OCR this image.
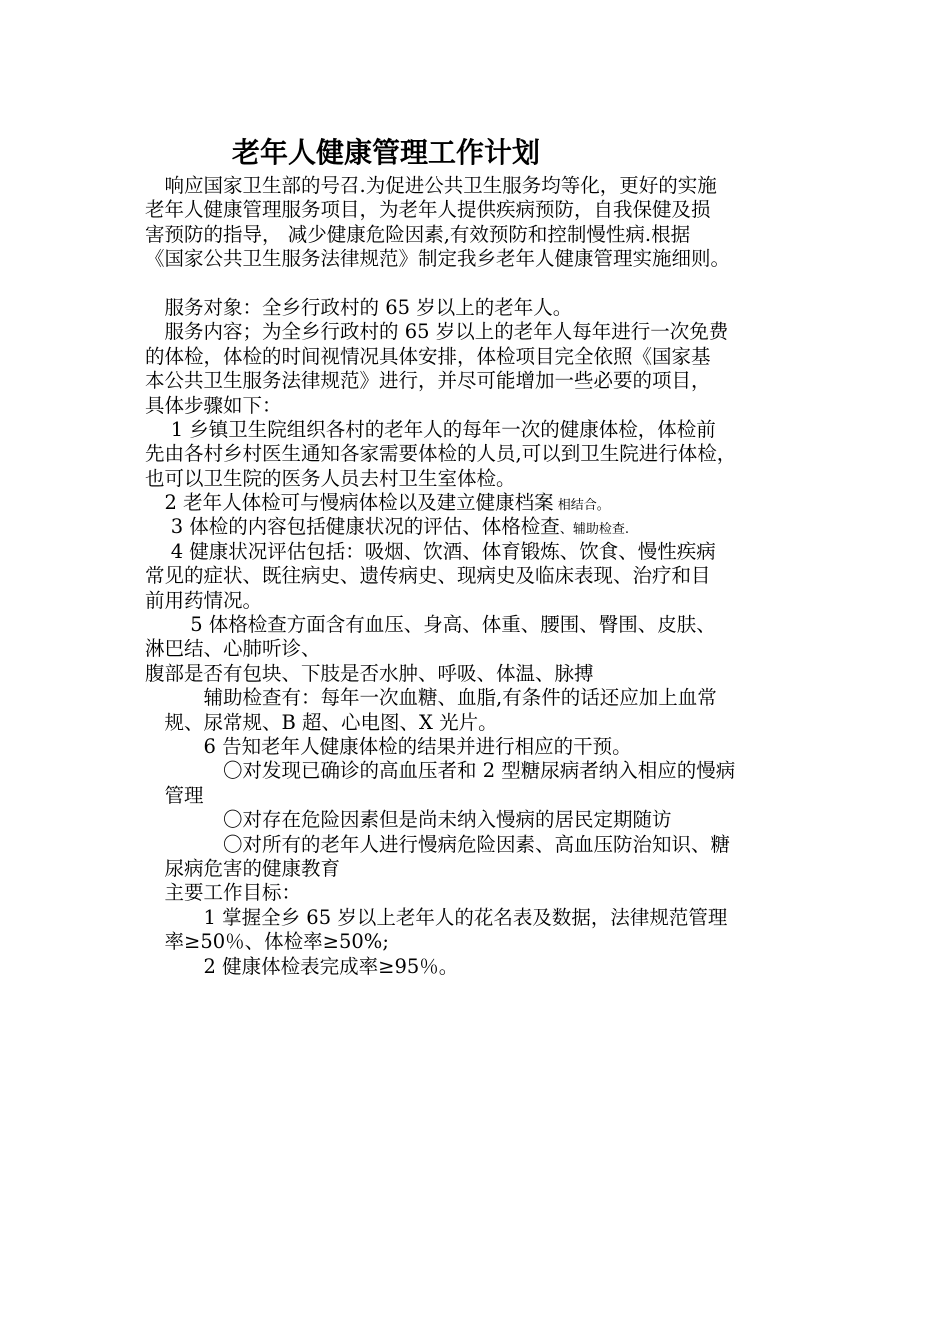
老年人健康管理工作计划
　响应国家卫生部的号召.为促进公共卫生服务均等化，更好的实施
老年人健康管理服务项目，为老年人提供疾病预防，自我保健及损
害预防的指导， 减少健康危险因素,有效预防和控制慢性病.根据
《国家公共卫生服务法律规范》制定我乡老年人健康管理实施细则。
　服务对象：全乡行政村的 65 岁以上的老年人。
　服务内容；为全乡行政村的 65 岁以上的老年人每年进行一次免费
的体检，体检的时间视情况具体安排，体检项目完全依照《国家基
本公共卫生服务法律规范》进行，并尽可能增加一些必要的项目，
具体步骤如下：
　 1 乡镇卫生院组织各村的老年人的每年一次的健康体检，体检前
先由各村乡村医生通知各家需要体检的人员,可以到卫生院进行体检，
也可以卫生院的医务人员去村卫生室体检。
　2 老年人体检可与慢病体检以及建立健康档案 相结合。
　 3 体检的内容包括健康状况的评估、体格检查、辅助检查.
　 4 健康状况评估包括：吸烟、饮酒、体育锻炼、饮食、慢性疾病
常见的症状、既往病史、遗传病史、现病史及临床表现、治疗和目
前用药情况。
　　 5 体格检查方面含有血压、身高、体重、腰围、臀围、皮肤、
淋巴结、心肺听诊、
腹部是否有包块、下肢是否水肿、呼吸、体温、脉搏
　　　辅助检查有：每年一次血糖、血脂,有条件的话还应加上血常
　规、尿常规、B 超、心电图、X 光片。
　　　6 告知老年人健康体检的结果并进行相应的干预。
　　　　〇对发现已确诊的高血压者和 2 型糖尿病者纳入相应的慢病
　管理
　　　　〇对存在危险因素但是尚未纳入慢病的居民定期随访
　　　　〇对所有的老年人进行慢病危险因素、高血压防治知识、糖
　尿病危害的健康教育
　主要工作目标：
　　　1 掌握全乡 65 岁以上老年人的花名表及数据，法律规范管理
　率≥50％、体检率≥50%;
　　　2 健康体检表完成率≥95％。
